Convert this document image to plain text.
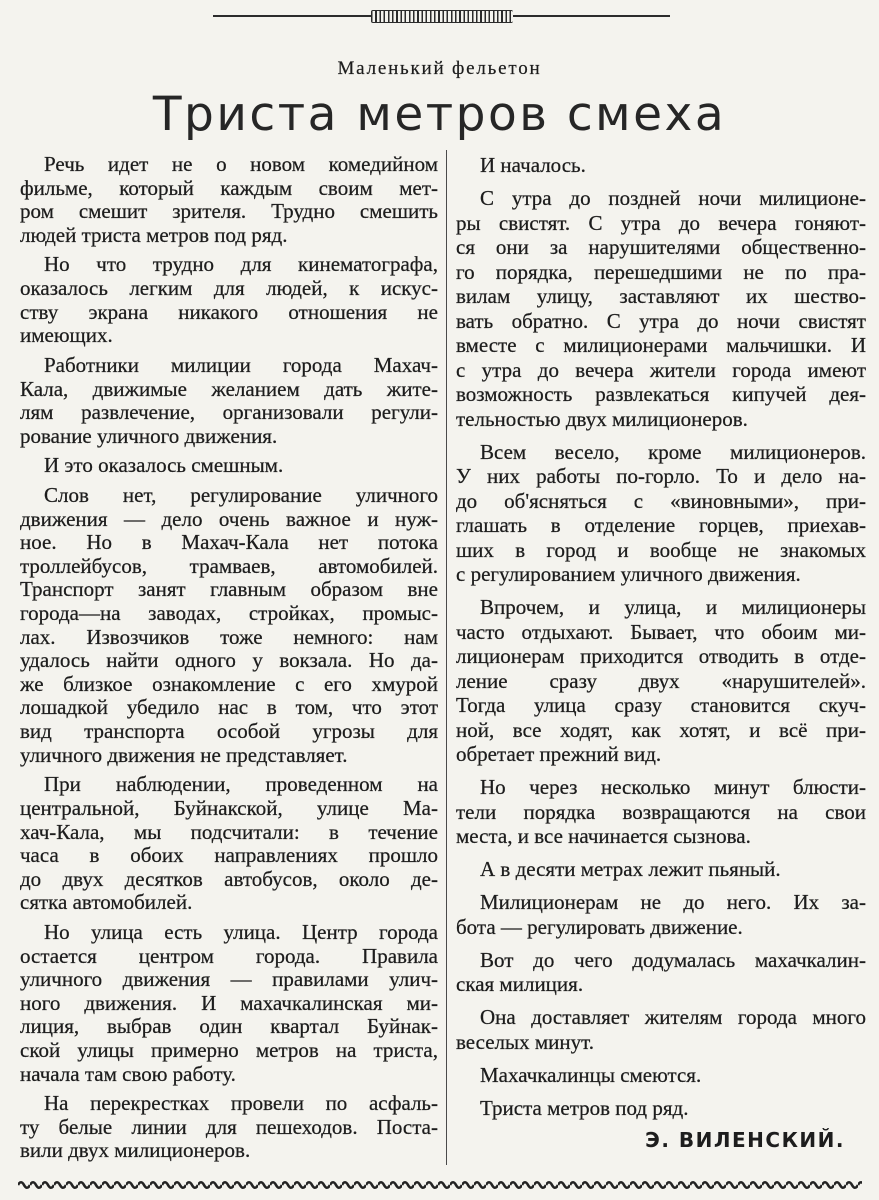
Маленький фельетон
Триста метров смеха
Речь идет не о новом комедийном
фильме, который каждым своим мет-
ром смешит зрителя. Трудно смешить
людей триста метров под ряд.
Но что трудно для кинематографа,
оказалось легким для людей, к искус-
ству экрана никакого отношения не
имеющих.
Работники милиции города Махач-
Кала, движимые желанием дать жите-
лям развлечение, организовали регули-
рование уличного движения.
И это оказалось смешным.
Слов нет, регулирование уличного
движения — дело очень важное и нуж-
ное. Но в Махач-Кала нет потока
троллейбусов, трамваев, автомобилей.
Транспорт занят главным образом вне
города—на заводах, стройках, промыс-
лах. Извозчиков тоже немного: нам
удалось найти одного у вокзала. Но да-
же близкое ознакомление с его хмурой
лошадкой убедило нас в том, что этот
вид транспорта особой угрозы для
уличного движения не представляет.
При наблюдении, проведенном на
центральной, Буйнакской, улице Ма-
хач-Кала, мы подсчитали: в течение
часа в обоих направлениях прошло
до двух десятков автобусов, около де-
сятка автомобилей.
Но улица есть улица. Центр города
остается центром города. Правила
уличного движения — правилами улич-
ного движения. И махачкалинская ми-
лиция, выбрав один квартал Буйнак-
ской улицы примерно метров на триста,
начала там свою работу.
На перекрестках провели по асфаль-
ту белые линии для пешеходов. Поста-
вили двух милиционеров.
И началось.
С утра до поздней ночи милиционе-
ры свистят. С утра до вечера гоняют-
ся они за нарушителями общественно-
го порядка, перешедшими не по пра-
вилам улицу, заставляют их шество-
вать обратно. С утра до ночи свистят
вместе с милиционерами мальчишки. И
с утра до вечера жители города имеют
возможность развлекаться кипучей дея-
тельностью двух милиционеров.
Всем весело, кроме милиционеров.
У них работы по-горло. То и дело на-
до об'ясняться с «виновными», при-
глашать в отделение горцев, приехав-
ших в город и вообще не знакомых
с регулированием уличного движения.
Впрочем, и улица, и милиционеры
часто отдыхают. Бывает, что обоим ми-
лиционерам приходится отводить в отде-
ление сразу двух «нарушителей».
Тогда улица сразу становится скуч-
ной, все ходят, как хотят, и всё при-
обретает прежний вид.
Но через несколько минут блюсти-
тели порядка возвращаются на свои
места, и все начинается сызнова.
А в десяти метрах лежит пьяный.
Милиционерам не до него. Их за-
бота — регулировать движение.
Вот до чего додумалась махачкалин-
ская милиция.
Она доставляет жителям города много
веселых минут.
Махачкалинцы смеются.
Триста метров под ряд.
Э. ВИЛЕНСКИЙ.
